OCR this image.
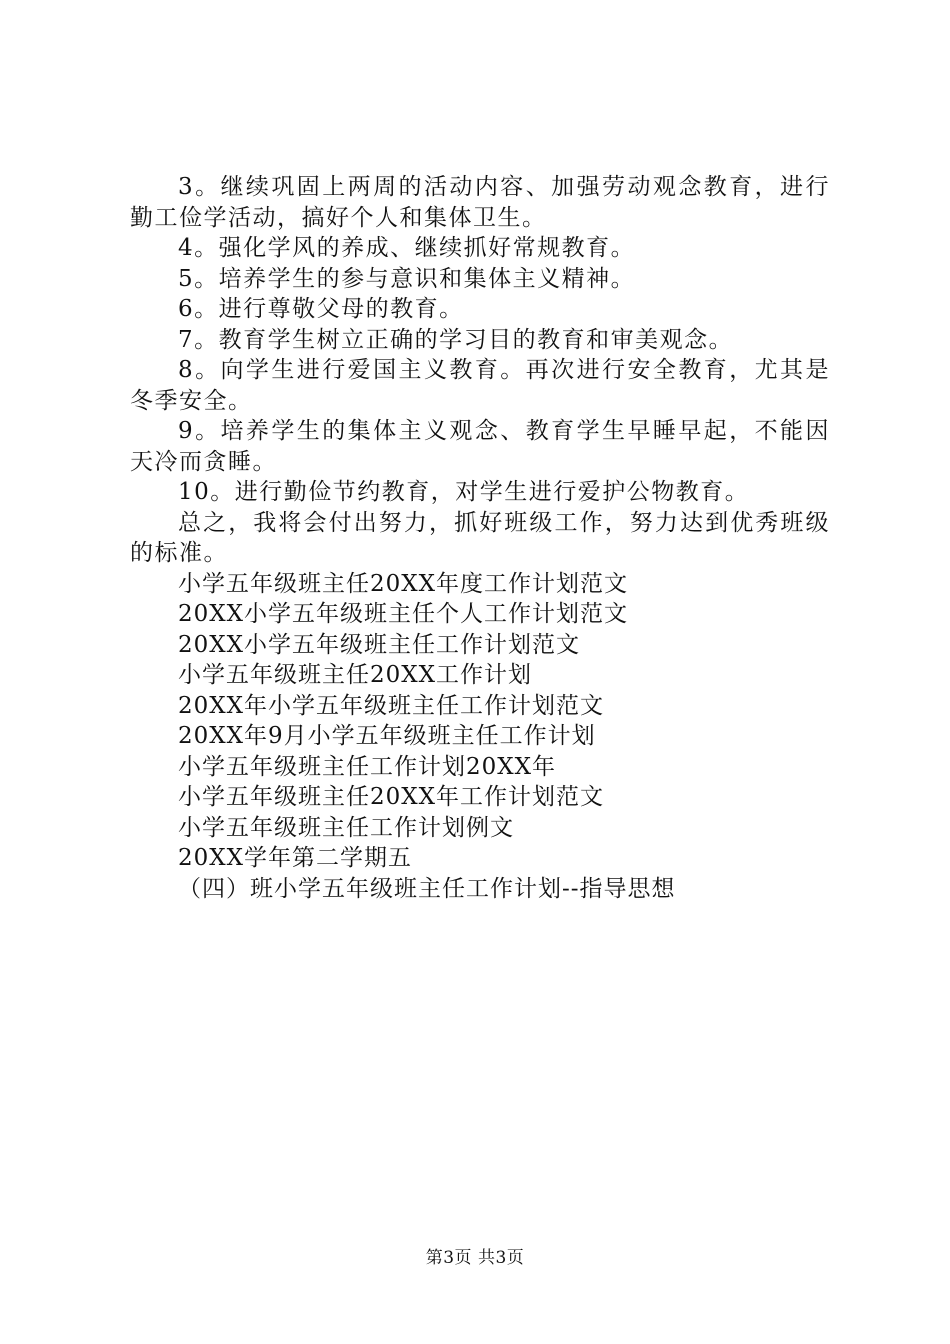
3。继续巩固上两周的活动内容、加强劳动观念教育，进行勤工俭学活动，搞好个人和集体卫生。

4。强化学风的养成、继续抓好常规教育。

5。培养学生的参与意识和集体主义精神。

6。进行尊敬父母的教育。

7。教育学生树立正确的学习目的教育和审美观念。

8。向学生进行爱国主义教育。再次进行安全教育，尤其是冬季安全。

9。培养学生的集体主义观念、教育学生早睡早起，不能因天冷而贪睡。

10。进行勤俭节约教育，对学生进行爱护公物教育。

总之，我将会付出努力，抓好班级工作，努力达到优秀班级的标准。

小学五年级班主任20XX年度工作计划范文

20XX小学五年级班主任个人工作计划范文

20XX小学五年级班主任工作计划范文

小学五年级班主任20XX工作计划

20XX年小学五年级班主任工作计划范文

20XX年9月小学五年级班主任工作计划

小学五年级班主任工作计划20XX年

小学五年级班主任20XX年工作计划范文

小学五年级班主任工作计划例文

20XX学年第二学期五

（四）班小学五年级班主任工作计划--指导思想

第3页 共3页
